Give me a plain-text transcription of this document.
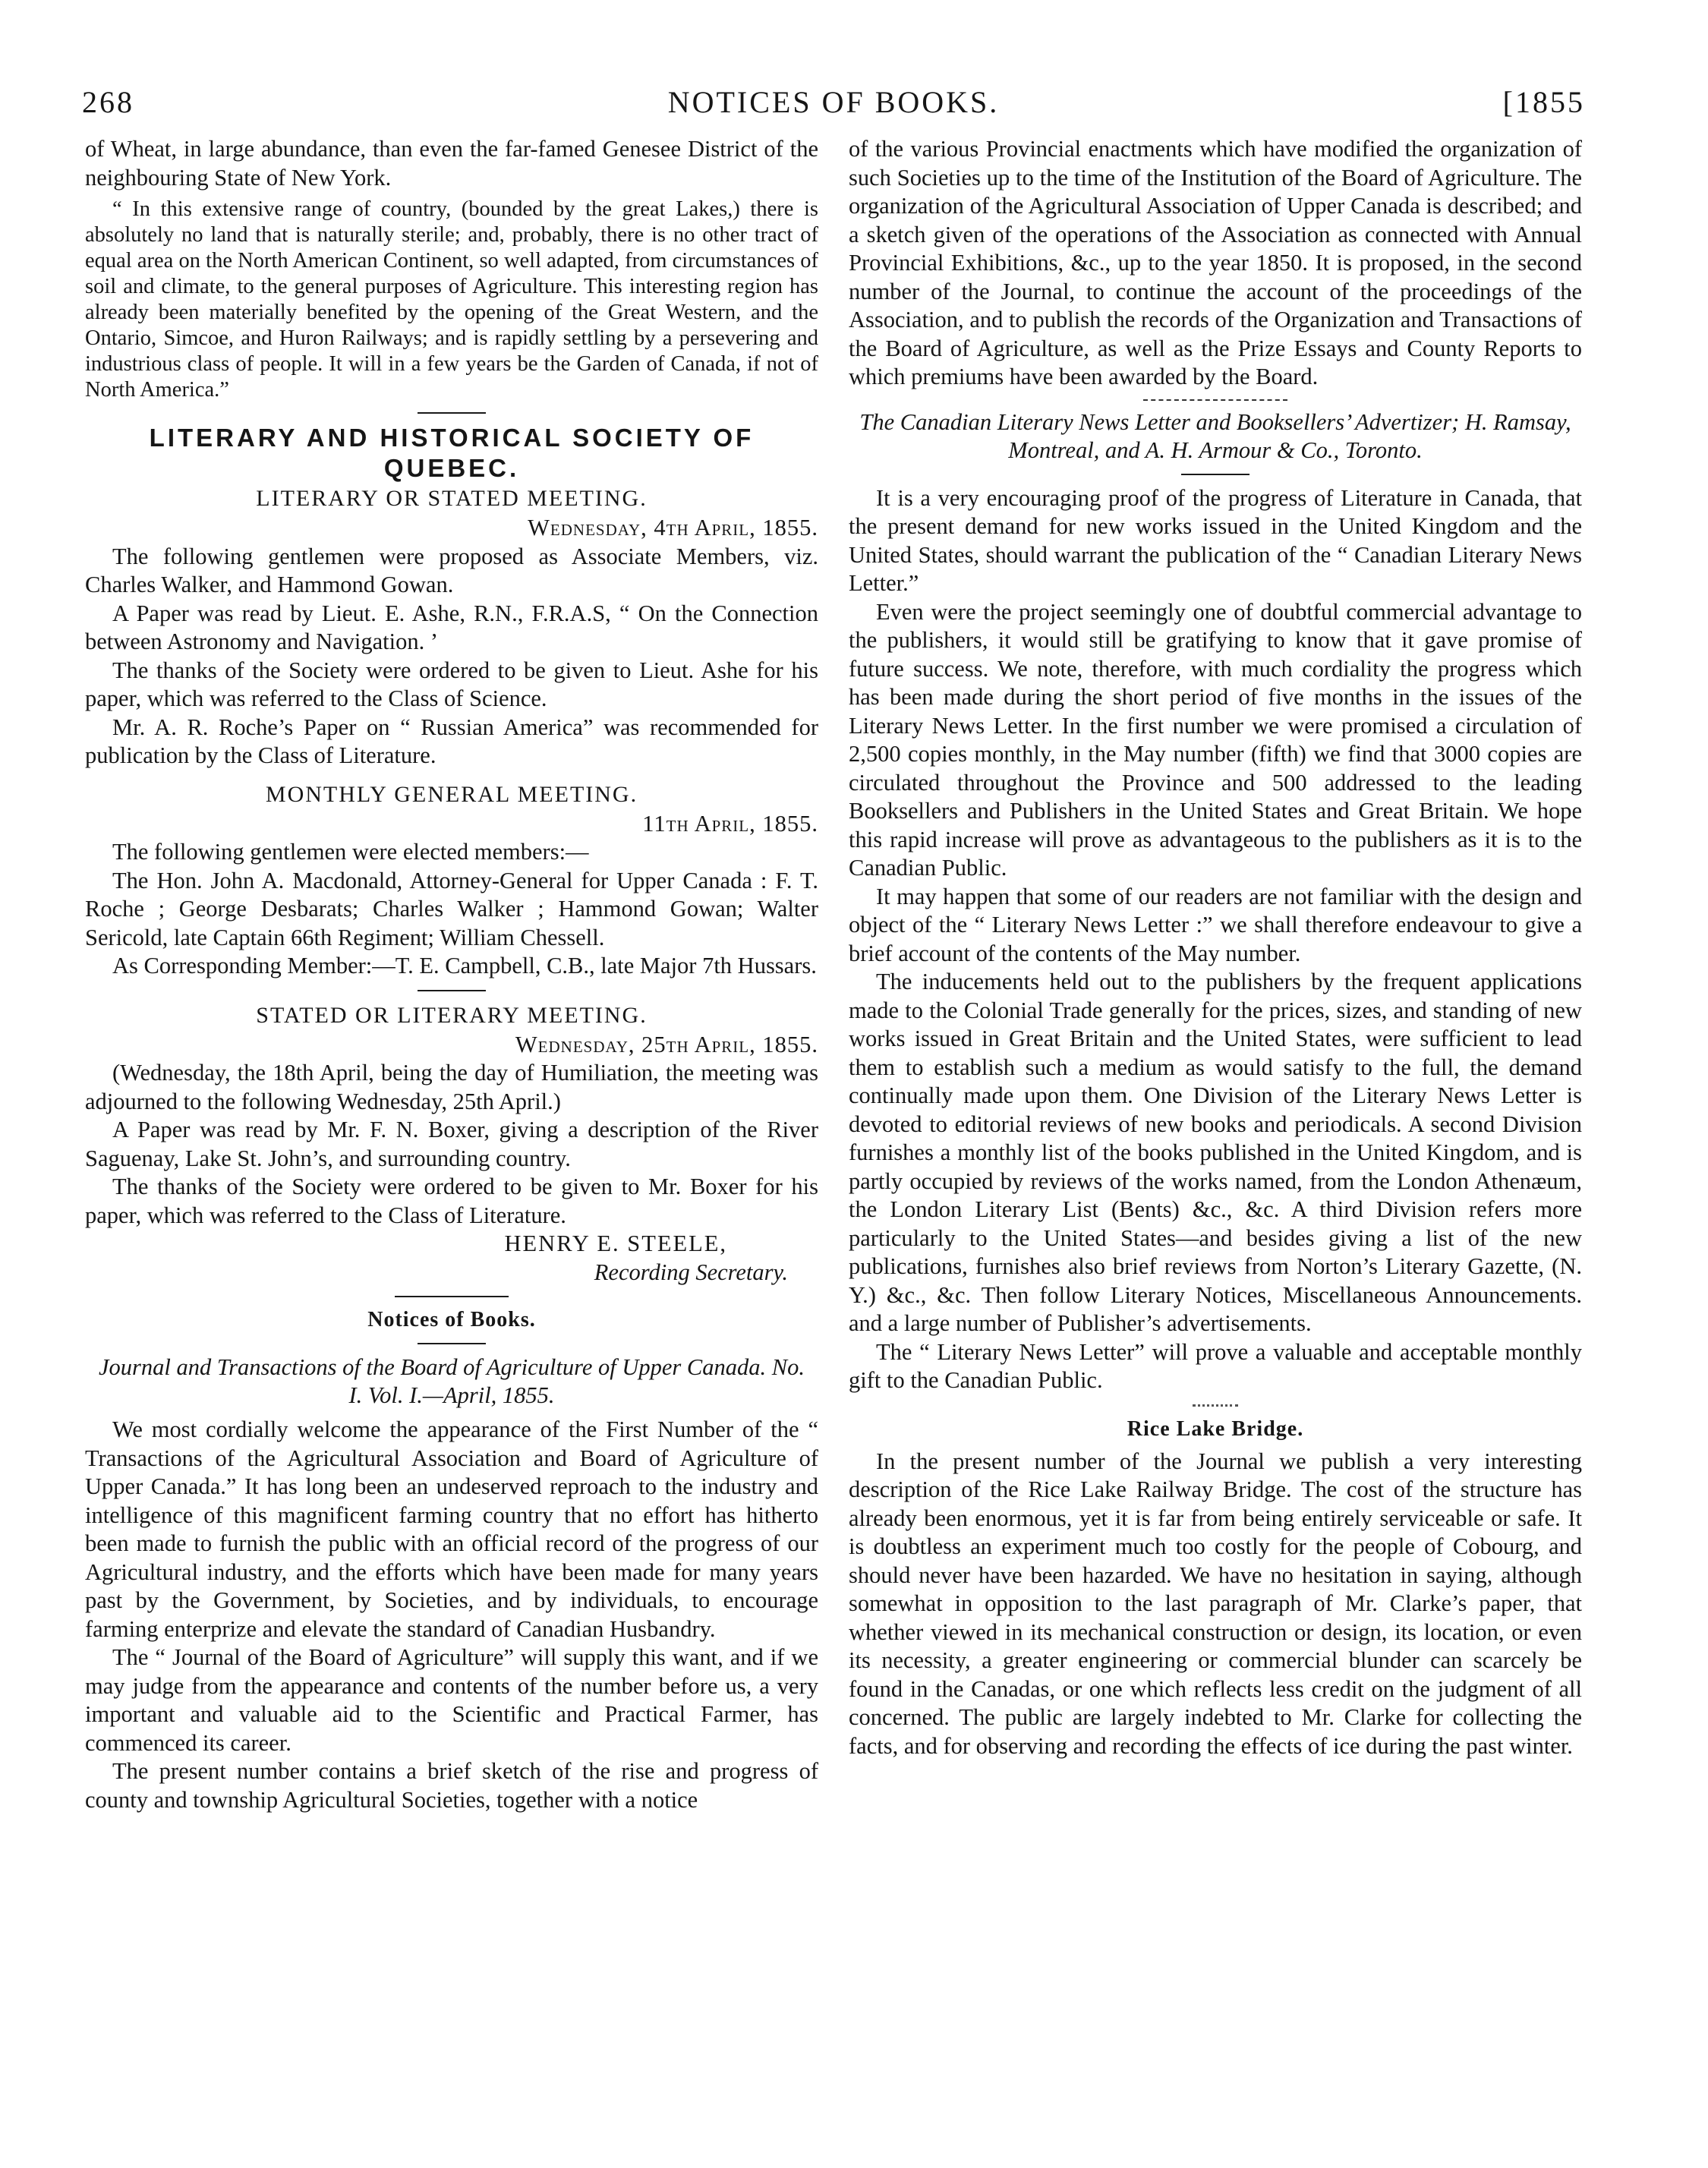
NOTICES OF BOOKS.
268	[1855

of Wheat, in large abundance, than even the far-famed Genesee District of the neighbouring State of New York.

“ In this extensive range of country, (bounded by the great Lakes,) there is absolutely no land that is naturally sterile; and, probably, there is no other tract of equal area on the North American Continent, so well adapted, from circumstances of soil and climate, to the general purposes of Agriculture. This interesting region has already been materially benefited by the opening of the Great Western, and the Ontario, Simcoe, and Huron Railways; and is rapidly settling by a persevering and industrious class of people. It will in a few years be the Garden of Canada, if not of North America.”

LITERARY AND HISTORICAL SOCIETY OF QUEBEC.
LITERARY OR STATED MEETING.

Wednesday, 4th April, 1855.

The following gentlemen were proposed as Associate Members, viz. Charles Walker, and Hammond Gowan.

A Paper was read by Lieut. E. Ashe, R.N., F.R.A.S, “ On the Connection between Astronomy and Navigation. ’

The thanks of the Society were ordered to be given to Lieut. Ashe for his paper, which was referred to the Class of Science.

Mr. A. R. Roche’s Paper on “ Russian America” was recommended for publication by the Class of Literature.

MONTHLY GENERAL MEETING.

11th April, 1855.

The following gentlemen were elected members:—

The Hon. John A. Macdonald, Attorney-General for Upper Canada : F. T. Roche ; George Desbarats; Charles Walker ; Hammond Gowan; Walter Sericold, late Captain 66th Regiment; William Chessell.

As Corresponding Member:—T. E. Campbell, C.B., late Major 7th Hussars.

STATED OR LITERARY MEETING.

Wednesday, 25th April, 1855.

(Wednesday, the 18th April, being the day of Humiliation, the meeting was adjourned to the following Wednesday, 25th April.)

A Paper was read by Mr. F. N. Boxer, giving a description of the River Saguenay, Lake St. John’s, and surrounding country.

The thanks of the Society were ordered to be given to Mr. Boxer for his paper, which was referred to the Class of Literature.

HENRY E. STEELE,

Recording Secretary.

Notices of Books.
Journal and Transactions of the Board of Agriculture of Upper Canada. No. I. Vol. I.—April, 1855.

We most cordially welcome the appearance of the First Number of the “ Transactions of the Agricultural Association and Board of Agriculture of Upper Canada.” It has long been an undeserved reproach to the industry and intelligence of this magnificent farming country that no effort has hitherto been made to furnish the public with an official record of the progress of our Agricultural industry, and the efforts which have been made for many years past by the Government, by Societies, and by individuals, to encourage farming enterprize and elevate the standard of Canadian Husbandry.

The “ Journal of the Board of Agriculture” will supply this want, and if we may judge from the appearance and contents of the number before us, a very important and valuable aid to the Scientific and Practical Farmer, has commenced its career.

The present number contains a brief sketch of the rise and progress of county and township Agricultural Societies, together with a notice

of the various Provincial enactments which have modified the organization of such Societies up to the time of the Institution of the Board of Agriculture. The organization of the Agricultural Association of Upper Canada is described; and a sketch given of the operations of the Association as connected with Annual Provincial Exhibitions, &c., up to the year 1850. It is proposed, in the second number of the Journal, to continue the account of the proceedings of the Association, and to publish the records of the Organization and Transactions of the Board of Agriculture, as well as the Prize Essays and County Reports to which premiums have been awarded by the Board.

The Canadian Literary News Letter and Booksellers’ Advertizer; H. Ramsay, Montreal, and A. H. Armour & Co., Toronto.

It is a very encouraging proof of the progress of Literature in Canada, that the present demand for new works issued in the United Kingdom and the United States, should warrant the publication of the “ Canadian Literary News Letter.”

Even were the project seemingly one of doubtful commercial advantage to the publishers, it would still be gratifying to know that it gave promise of future success. We note, therefore, with much cordiality the progress which has been made during the short period of five months in the issues of the Literary News Letter. In the first number we were promised a circulation of 2,500 copies monthly, in the May number (fifth) we find that 3000 copies are circulated throughout the Province and 500 addressed to the leading Booksellers and Publishers in the United States and Great Britain. We hope this rapid increase will prove as advantageous to the publishers as it is to the Canadian Public.

It may happen that some of our readers are not familiar with the design and object of the “ Literary News Letter :” we shall therefore endeavour to give a brief account of the contents of the May number.

The inducements held out to the publishers by the frequent applications made to the Colonial Trade generally for the prices, sizes, and standing of new works issued in Great Britain and the United States, were sufficient to lead them to establish such a medium as would satisfy to the full, the demand continually made upon them. One Division of the Literary News Letter is devoted to editorial reviews of new books and periodicals. A second Division furnishes a monthly list of the books published in the United Kingdom, and is partly occupied by reviews of the works named, from the London Athenæum, the London Literary List (Bents) &c., &c. A third Division refers more particularly to the United States—and besides giving a list of the new publications, furnishes also brief reviews from Norton’s Literary Gazette, (N. Y.) &c., &c. Then follow Literary Notices, Miscellaneous Announcements. and a large number of Publisher’s advertisements.

The “ Literary News Letter” will prove a valuable and acceptable monthly gift to the Canadian Public.

Rice Lake Bridge.

In the present number of the Journal we publish a very interesting description of the Rice Lake Railway Bridge. The cost of the structure has already been enormous, yet it is far from being entirely serviceable or safe. It is doubtless an experiment much too costly for the people of Cobourg, and should never have been hazarded. We have no hesitation in saying, although somewhat in opposition to the last paragraph of Mr. Clarke’s paper, that whether viewed in its mechanical construction or design, its location, or even its necessity, a greater engineering or commercial blunder can scarcely be found in the Canadas, or one which reflects less credit on the judgment of all concerned. The public are largely indebted to Mr. Clarke for collecting the facts, and for observing and recording the effects of ice during the past winter.
